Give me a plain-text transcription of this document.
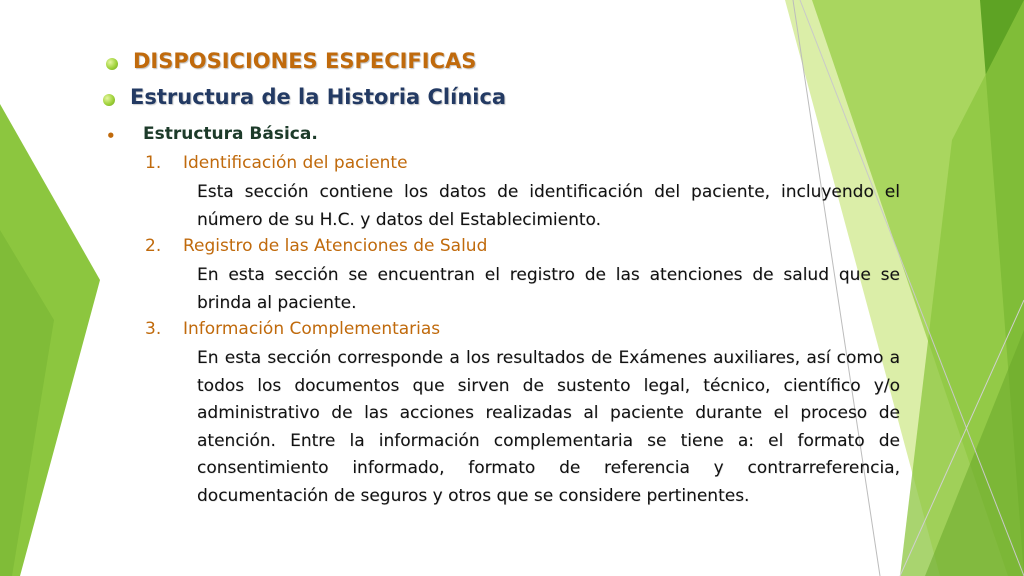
DISPOSICIONES ESPECIFICAS
Estructura de la Historia Clínica
• Estructura Básica.
1. Identificación del paciente
Esta sección contiene los datos de identificación del paciente, incluyendo el número de su H.C. y datos del Establecimiento.
2. Registro de las Atenciones de Salud
En esta sección se encuentran el registro de las atenciones de salud que se brinda al paciente.
3. Información Complementarias
En esta sección corresponde a los resultados de Exámenes auxiliares, así como a todos los documentos que sirven de sustento legal, técnico, científico y/o administrativo de las acciones realizadas al paciente durante el proceso de atención. Entre la información complementaria se tiene a: el formato de consentimiento informado, formato de referencia y contrarreferencia, documentación de seguros y otros que se considere pertinentes.
